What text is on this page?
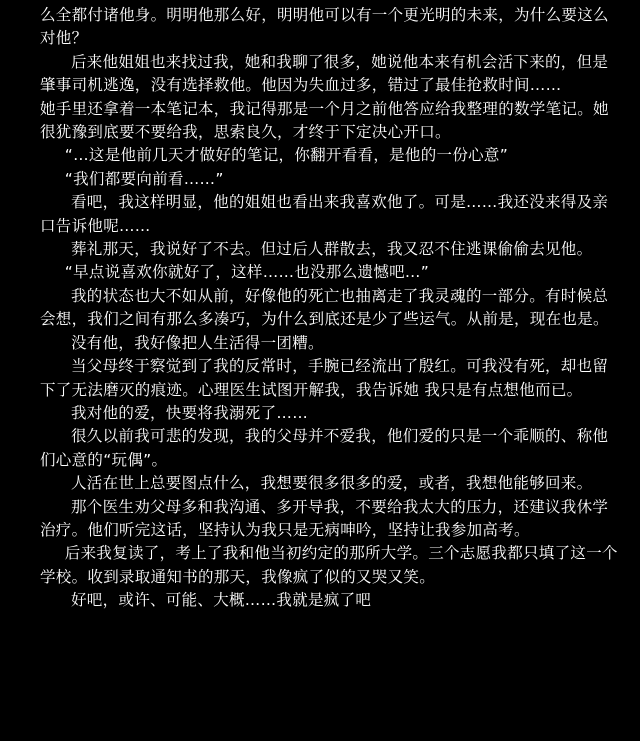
么全都付诸他身。明明他那么好，明明他可以有一个更光明的未来，为什么要这么对他？

后来他姐姐也来找过我，她和我聊了很多，她说他本来有机会活下来的，但是肇事司机逃逸，没有选择救他。他因为失血过多，错过了最佳抢救时间……

她手里还拿着一本笔记本，我记得那是一个月之前他答应给我整理的数学笔记。她很犹豫到底要不要给我，思索良久，才终于下定决心开口。

“…这是他前几天才做好的笔记，你翻开看看，是他的一份心意”

“我们都要向前看……”

看吧，我这样明显，他的姐姐也看出来我喜欢他了。可是……我还没来得及亲口告诉他呢……

葬礼那天，我说好了不去。但过后人群散去，我又忍不住逃课偷偷去见他。

“早点说喜欢你就好了，这样……也没那么遗憾吧…”

我的状态也大不如从前，好像他的死亡也抽离走了我灵魂的一部分。有时候总会想，我们之间有那么多凑巧，为什么到底还是少了些运气。从前是，现在也是。

没有他，我好像把人生活得一团糟。

当父母终于察觉到了我的反常时，手腕已经流出了殷红。可我没有死，却也留下了无法磨灭的痕迹。心理医生试图开解我，我告诉她 我只是有点想他而已。

我对他的爱，快要将我溺死了……

很久以前我可悲的发现，我的父母并不爱我，他们爱的只是一个乖顺的、称他们心意的“玩偶”。

人活在世上总要图点什么，我想要很多很多的爱，或者，我想他能够回来。

那个医生劝父母多和我沟通、多开导我，不要给我太大的压力，还建议我休学治疗。他们听完这话，坚持认为我只是无病呻吟，坚持让我参加高考。

后来我复读了，考上了我和他当初约定的那所大学。三个志愿我都只填了这一个学校。收到录取通知书的那天，我像疯了似的又哭又笑。

好吧，或许、可能、大概……我就是疯了吧
